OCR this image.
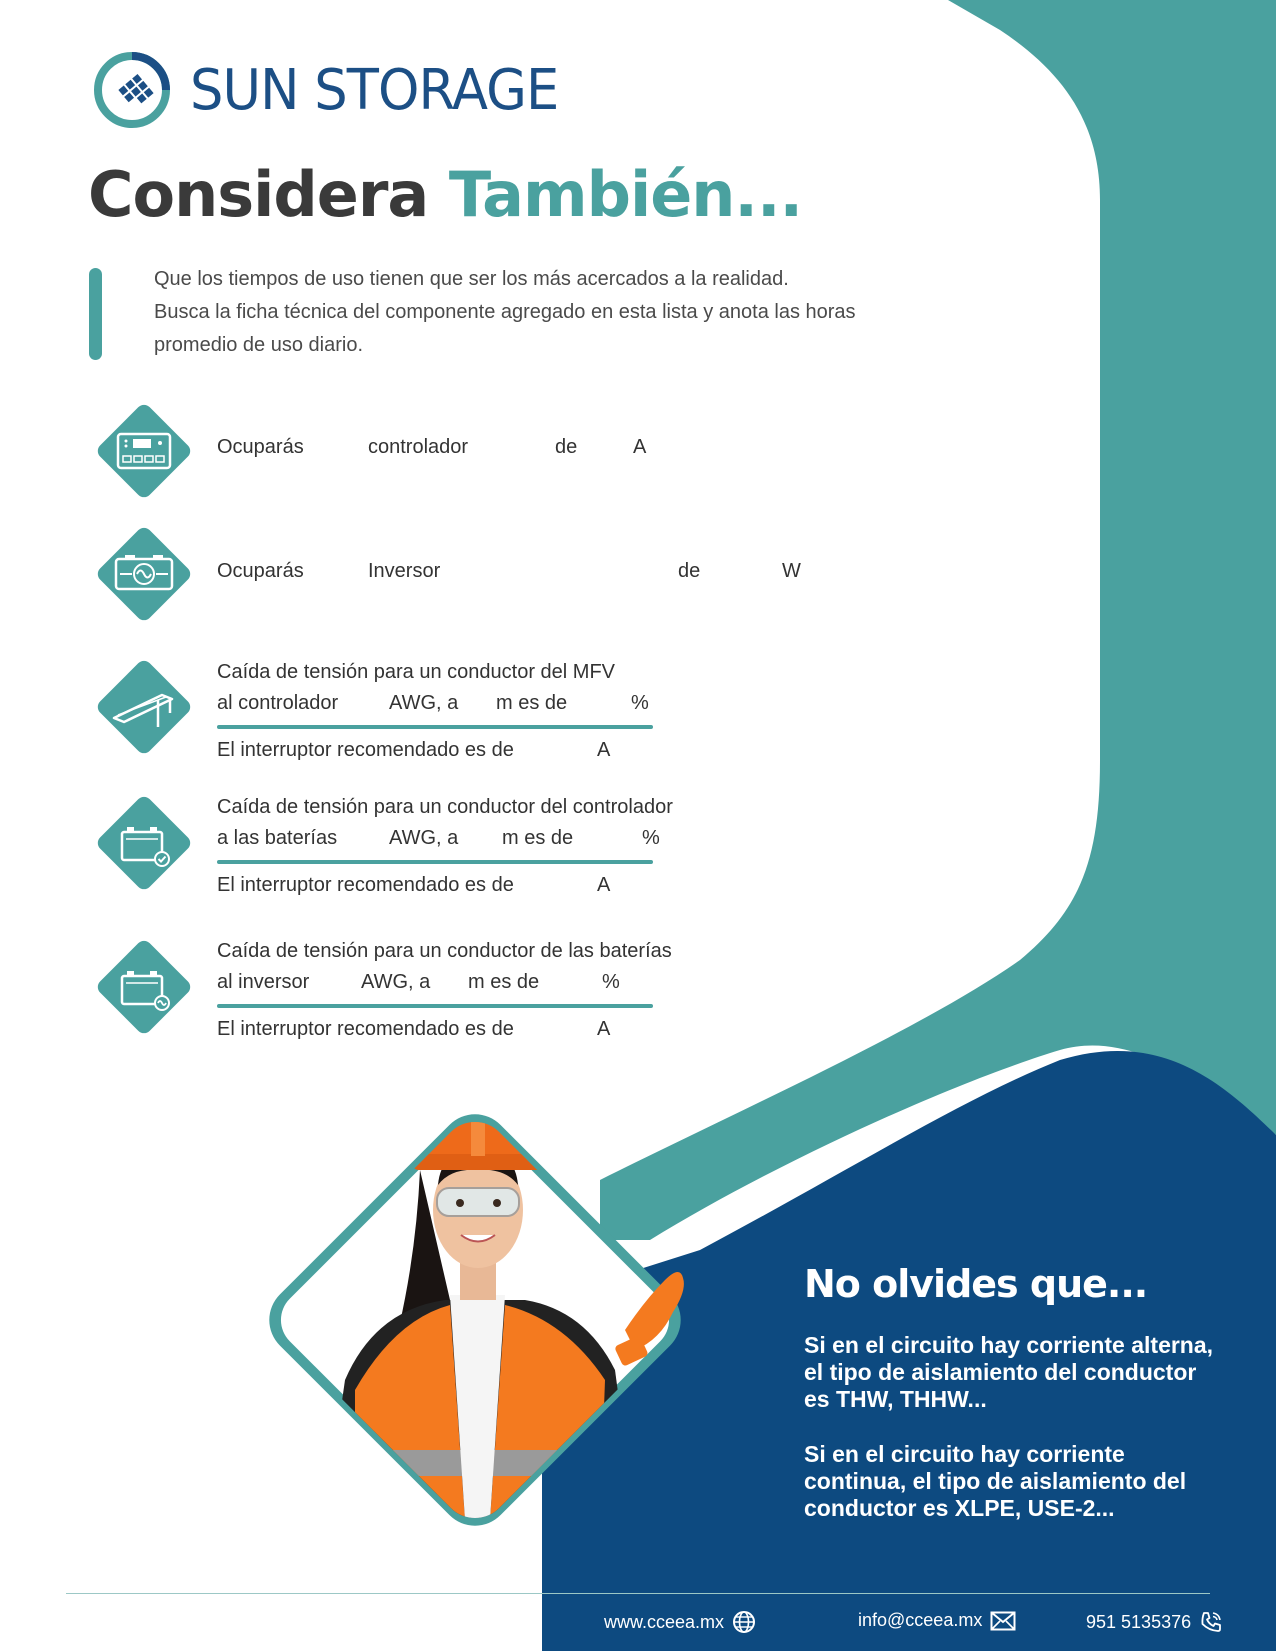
SUN STORAGE
Considera También...
Que los tiempos de uso tienen que ser los más acercados a la realidad.
Busca la ficha técnica del componente agregado en esta lista y anota las horas
promedio de uso diario.
Ocuparás	controlador	de	A
Ocuparás	Inversor	de	W
Caída de tensión para un conductor del MFV
al controlador	AWG, a m es de	%
El interruptor recomendado es de	A
Caída de tensión para un conductor del controlador
a las baterías	AWG, a m es de	%
El interruptor recomendado es de	A
Caída de tensión para un conductor de las baterías
al inversor	AWG, a m es de	%
El interruptor recomendado es de	A
No olvides que...
Si en el circuito hay corriente alterna, el tipo de aislamiento del conductor es THW, THHW...
Si en el circuito hay corriente continua, el tipo de aislamiento del conductor es XLPE, USE-2...
www.cceea.mx	info@cceea.mx	951 5135376
